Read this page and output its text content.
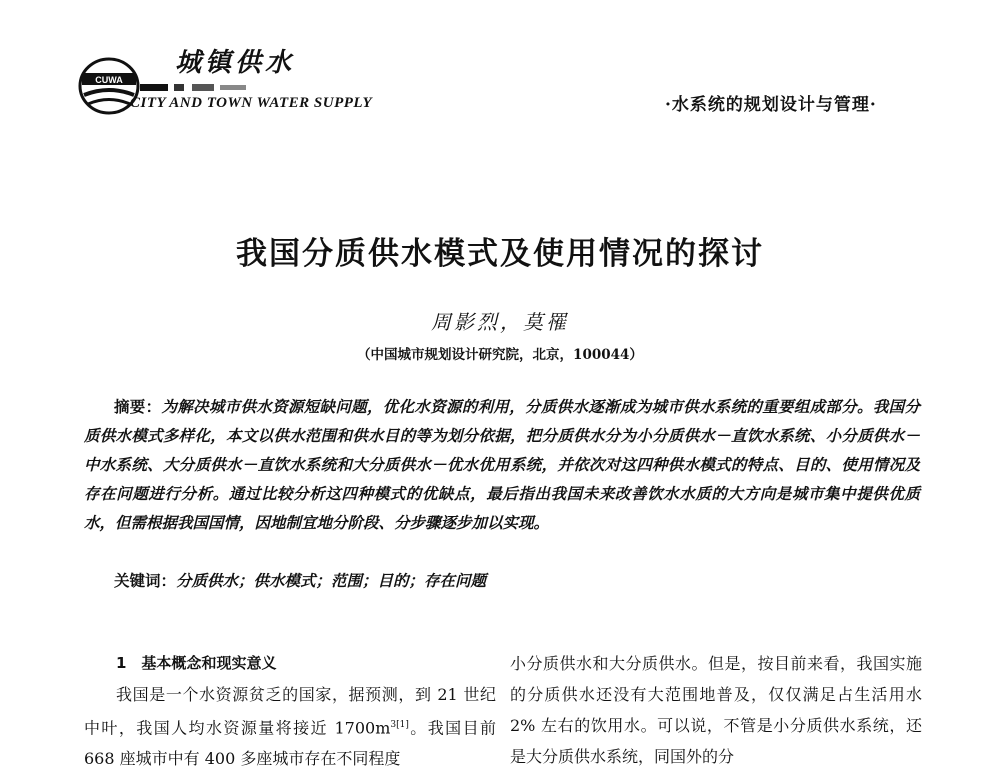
CUWA
城镇供水
CITY AND TOWN WATER SUPPLY	·水系统的规划设计与管理·
我国分质供水模式及使用情况的探讨
周影烈，莫罹
（中国城市规划设计研究院，北京，100044）
摘要：为解决城市供水资源短缺问题，优化水资源的利用，分质供水逐渐成为城市供水系统的重要组成部分。我国分质供水模式多样化，本文以供水范围和供水目的等为划分依据，把分质供水分为小分质供水－直饮水系统、小分质供水－中水系统、大分质供水－直饮水系统和大分质供水－优水优用系统，并依次对这四种供水模式的特点、目的、使用情况及存在问题进行分析。通过比较分析这四种模式的优缺点，最后指出我国未来改善饮水水质的大方向是城市集中提供优质水，但需根据我国国情，因地制宜地分阶段、分步骤逐步加以实现。
关键词：分质供水；供水模式；范围；目的；存在问题

1　基本概念和现实意义

我国是一个水资源贫乏的国家，据预测，到 21 世纪中叶，我国人均水资源量将接近 $1700m^{3[1]}$。我国目前 668 座城市中有 400 多座城市存在不同程度

小分质供水和大分质供水。但是，按目前来看，我国实施的分质供水还没有大范围地普及，仅仅满足占生活用水 2% 左右的饮用水。可以说，不管是小分质供水系统，还是大分质供水系统，同国外的分
